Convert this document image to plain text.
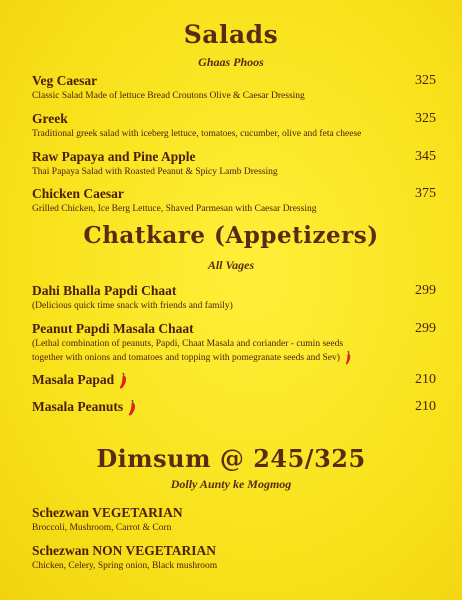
Salads
Ghaas Phoos
Veg Caesar
Classic Salad Made of lettuce Bread Croutons Olive & Caesar Dressing
325
Greek
Traditional greek salad with iceberg lettuce, tomatoes, cucumber, olive and feta cheese
325
Raw Papaya and Pine Apple
Thai Papaya Salad with Roasted Peanut & Spicy Lamb Dressing
345
Chicken Caesar
Grilled Chicken, Ice Berg Lettuce, Shaved Parmesan with Caesar Dressing
375
Chatkare (Appetizers)
All Vages
Dahi Bhalla Papdi Chaat
(Delicious quick time snack with friends and family)
299
Peanut Papdi Masala Chaat
(Lethal combination of peanuts, Papdi, Chaat Masala and coriander - cumin seeds
together with onions and tomatoes and topping with pomegranate seeds and Sev)
299
Masala Papad	210
Masala Peanuts	210
Dimsum @ 245/325
Dolly Aunty ke Mogmog
Schezwan VEGETARIAN
Broccoli, Mushroom, Carrot & Corn
Schezwan NON VEGETARIAN
Chicken, Celery, Spring onion, Black mushroom
